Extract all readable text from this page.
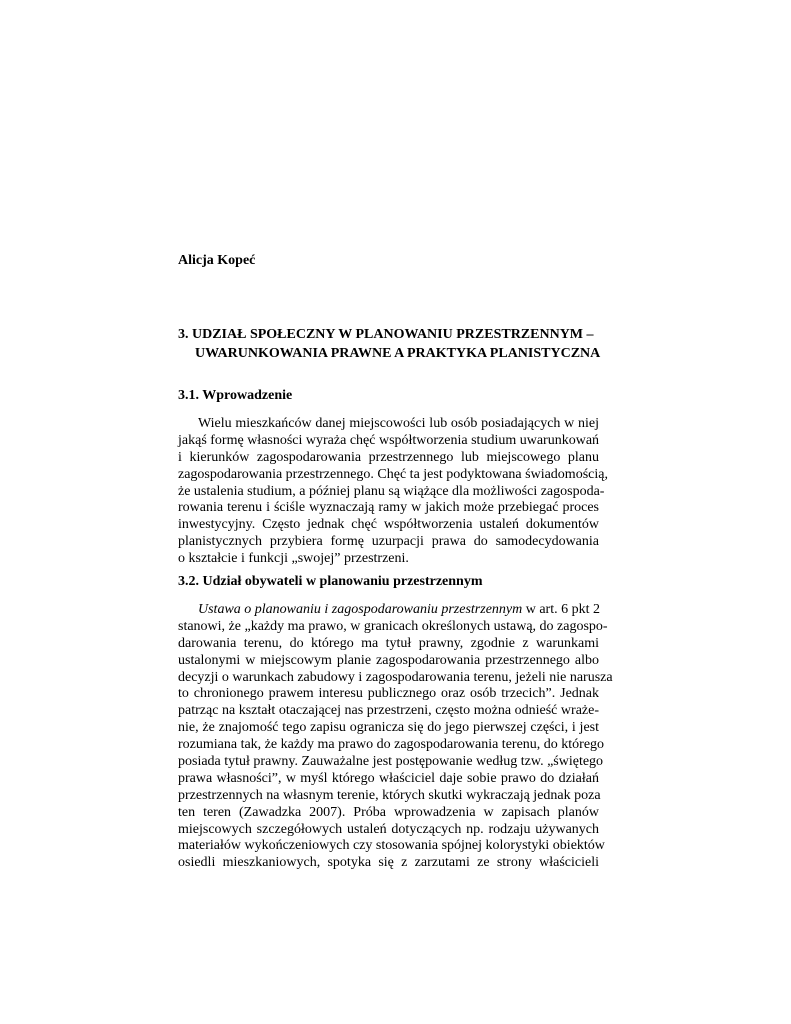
Alicja Kopeć
3. UDZIAŁ SPOŁECZNY W PLANOWANIU PRZESTRZENNYM –
UWARUNKOWANIA PRAWNE A PRAKTYKA PLANISTYCZNA
3.1. Wprowadzenie
Wielu mieszkańców danej miejscowości lub osób posiadających w niej
jakąś formę własności wyraża chęć współtworzenia studium uwarunkowań
i kierunków zagospodarowania przestrzennego lub miejscowego planu
zagospodarowania przestrzennego. Chęć ta jest podyktowana świadomością,
że ustalenia studium, a później planu są wiążące dla możliwości zagospoda-
rowania terenu i ściśle wyznaczają ramy w jakich może przebiegać proces
inwestycyjny. Często jednak chęć współtworzenia ustaleń dokumentów
planistycznych przybiera formę uzurpacji prawa do samodecydowania
o kształcie i funkcji „swojej” przestrzeni.
3.2. Udział obywateli w planowaniu przestrzennym
Ustawa o planowaniu i zagospodarowaniu przestrzennym w art. 6 pkt 2
stanowi, że „każdy ma prawo, w granicach określonych ustawą, do zagospo-
darowania terenu, do którego ma tytuł prawny, zgodnie z warunkami
ustalonymi w miejscowym planie zagospodarowania przestrzennego albo
decyzji o warunkach zabudowy i zagospodarowania terenu, jeżeli nie narusza
to chronionego prawem interesu publicznego oraz osób trzecich”. Jednak
patrząc na kształt otaczającej nas przestrzeni, często można odnieść wraże-
nie, że znajomość tego zapisu ogranicza się do jego pierwszej części, i jest
rozumiana tak, że każdy ma prawo do zagospodarowania terenu, do którego
posiada tytuł prawny. Zauważalne jest postępowanie według tzw. „świętego
prawa własności”, w myśl którego właściciel daje sobie prawo do działań
przestrzennych na własnym terenie, których skutki wykraczają jednak poza
ten teren (Zawadzka 2007). Próba wprowadzenia w zapisach planów
miejscowych szczegółowych ustaleń dotyczących np. rodzaju używanych
materiałów wykończeniowych czy stosowania spójnej kolorystyki obiektów
osiedli mieszkaniowych, spotyka się z zarzutami ze strony właścicieli
